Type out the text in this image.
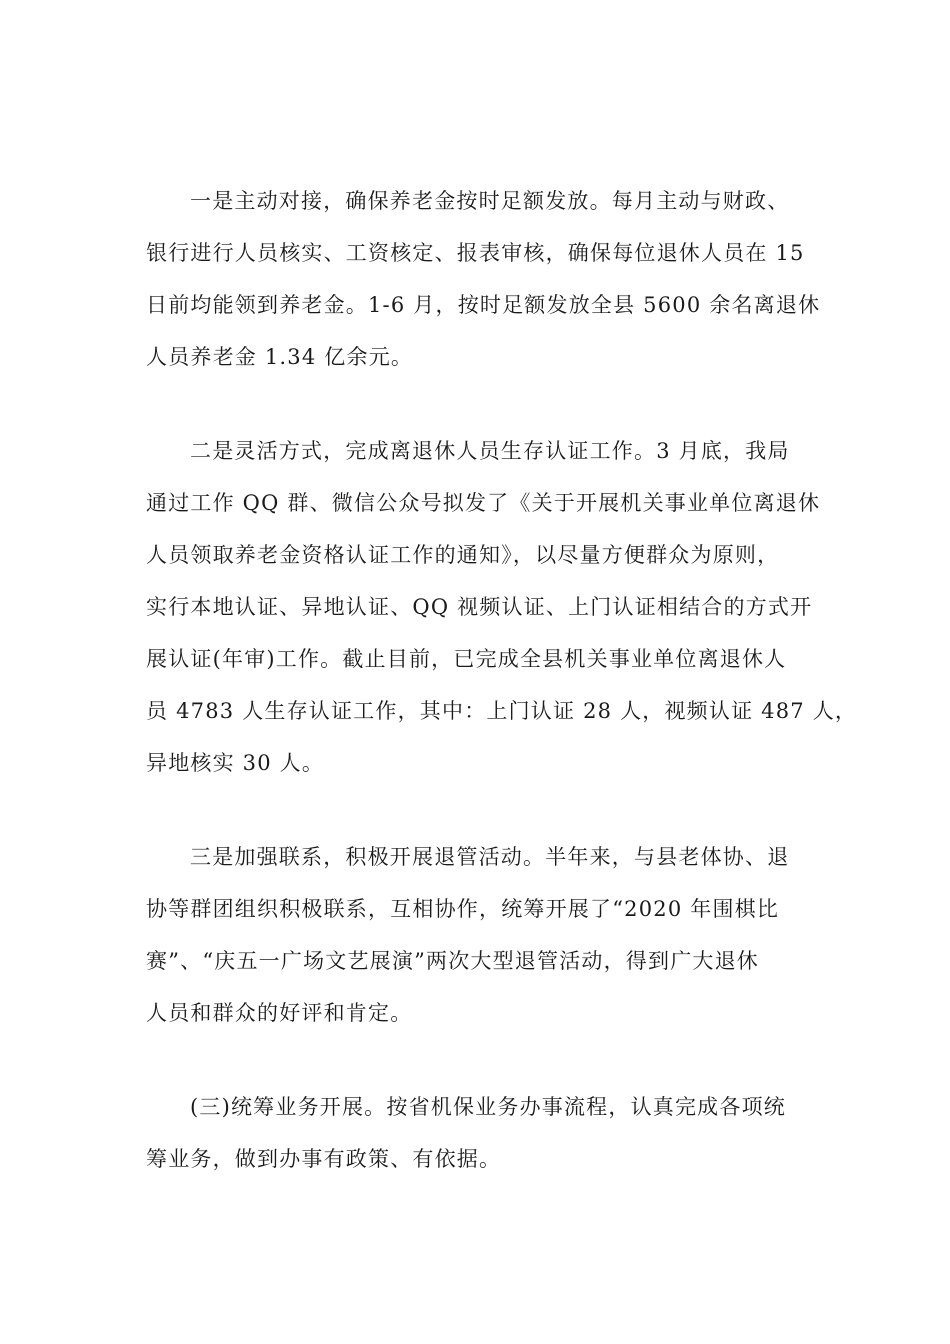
一是主动对接，确保养老金按时足额发放。每月主动与财政、
银行进行人员核实、工资核定、报表审核，确保每位退休人员在 15
日前均能领到养老金。1-6 月，按时足额发放全县 5600 余名离退休
人员养老金 1.34 亿余元。
二是灵活方式，完成离退休人员生存认证工作。3 月底，我局
通过工作 QQ 群、微信公众号拟发了《关于开展机关事业单位离退休
人员领取养老金资格认证工作的通知》，以尽量方便群众为原则，
实行本地认证、异地认证、QQ 视频认证、上门认证相结合的方式开
展认证(年审)工作。截止目前，已完成全县机关事业单位离退休人
员 4783 人生存认证工作，其中：上门认证 28 人，视频认证 487 人，
异地核实 30 人。
三是加强联系，积极开展退管活动。半年来，与县老体协、退
协等群团组织积极联系，互相协作，统筹开展了“2020 年围棋比
赛”、“庆五一广场文艺展演”两次大型退管活动，得到广大退休
人员和群众的好评和肯定。
(三)统筹业务开展。按省机保业务办事流程，认真完成各项统
筹业务，做到办事有政策、有依据。
